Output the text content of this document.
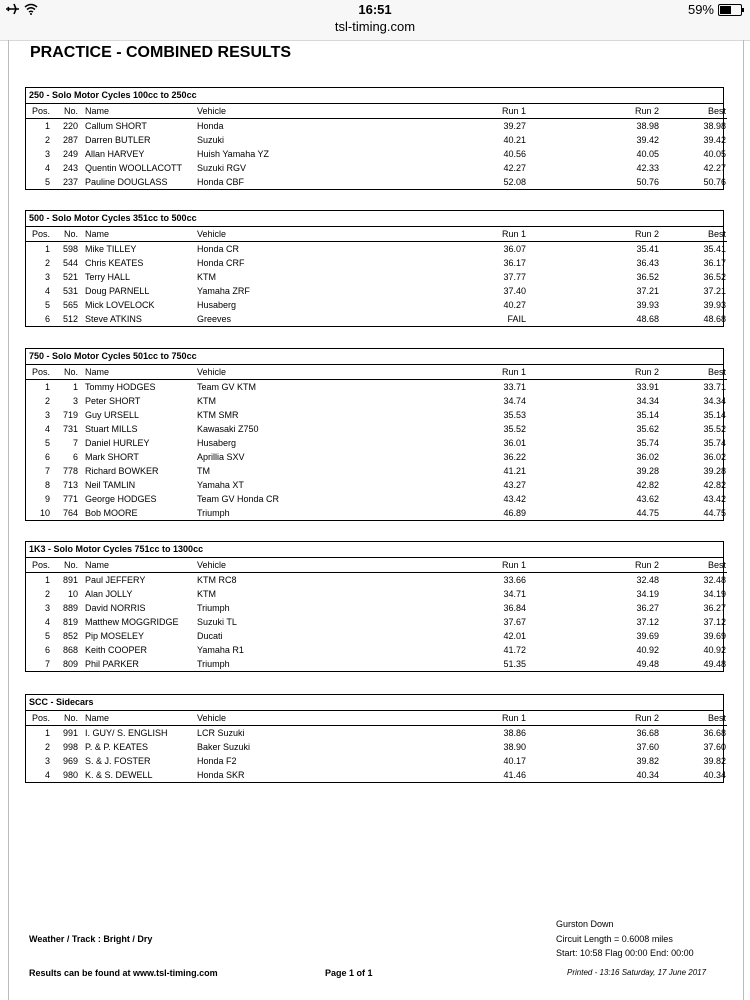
16:51
tsl-timing.com
59%
PRACTICE - COMBINED RESULTS
250 - Solo Motor Cycles 100cc to 250cc
Pos.	No.	Name	Vehicle	Run 1	Run 2	Best
1	220	Callum SHORT	Honda	39.27	38.98	38.98
2	287	Darren BUTLER	Suzuki	40.21	39.42	39.42
3	249	Allan HARVEY	Huish Yamaha YZ	40.56	40.05	40.05
4	243	Quentin WOOLLACOTT	Suzuki RGV	42.27	42.33	42.27
5	237	Pauline DOUGLASS	Honda CBF	52.08	50.76	50.76
500 - Solo Motor Cycles 351cc to 500cc
Pos.	No.	Name	Vehicle	Run 1	Run 2	Best
1	598	Mike TILLEY	Honda CR	36.07	35.41	35.41
2	544	Chris KEATES	Honda CRF	36.17	36.43	36.17
3	521	Terry HALL	KTM	37.77	36.52	36.52
4	531	Doug PARNELL	Yamaha ZRF	37.40	37.21	37.21
5	565	Mick LOVELOCK	Husaberg	40.27	39.93	39.93
6	512	Steve ATKINS	Greeves	FAIL	48.68	48.68
750 - Solo Motor Cycles 501cc to 750cc
Pos.	No.	Name	Vehicle	Run 1	Run 2	Best
1	1	Tommy HODGES	Team GV KTM	33.71	33.91	33.71
2	3	Peter SHORT	KTM	34.74	34.34	34.34
3	719	Guy URSELL	KTM SMR	35.53	35.14	35.14
4	731	Stuart MILLS	Kawasaki Z750	35.52	35.62	35.52
5	7	Daniel HURLEY	Husaberg	36.01	35.74	35.74
6	6	Mark SHORT	Aprillia SXV	36.22	36.02	36.02
7	778	Richard BOWKER	TM	41.21	39.28	39.28
8	713	Neil TAMLIN	Yamaha XT	43.27	42.82	42.82
9	771	George HODGES	Team GV Honda CR	43.42	43.62	43.42
10	764	Bob MOORE	Triumph	46.89	44.75	44.75
1K3 - Solo Motor Cycles 751cc to 1300cc
Pos.	No.	Name	Vehicle	Run 1	Run 2	Best
1	891	Paul JEFFERY	KTM RC8	33.66	32.48	32.48
2	10	Alan JOLLY	KTM	34.71	34.19	34.19
3	889	David NORRIS	Triumph	36.84	36.27	36.27
4	819	Matthew MOGGRIDGE	Suzuki TL	37.67	37.12	37.12
5	852	Pip MOSELEY	Ducati	42.01	39.69	39.69
6	868	Keith COOPER	Yamaha R1	41.72	40.92	40.92
7	809	Phil PARKER	Triumph	51.35	49.48	49.48
SCC - Sidecars
Pos.	No.	Name	Vehicle	Run 1	Run 2	Best
1	991	I. GUY/ S. ENGLISH	LCR Suzuki	38.86	36.68	36.68
2	998	P. & P. KEATES	Baker Suzuki	38.90	37.60	37.60
3	969	S. & J. FOSTER	Honda F2	40.17	39.82	39.82
4	980	K. & S. DEWELL	Honda SKR	41.46	40.34	40.34
Weather / Track : Bright / Dry
Gurston Down
Circuit Length = 0.6008 miles
Start: 10:58 Flag 00:00 End: 00:00
Results can be found at www.tsl-timing.com	Page 1 of 1	Printed - 13:16 Saturday, 17 June 2017
